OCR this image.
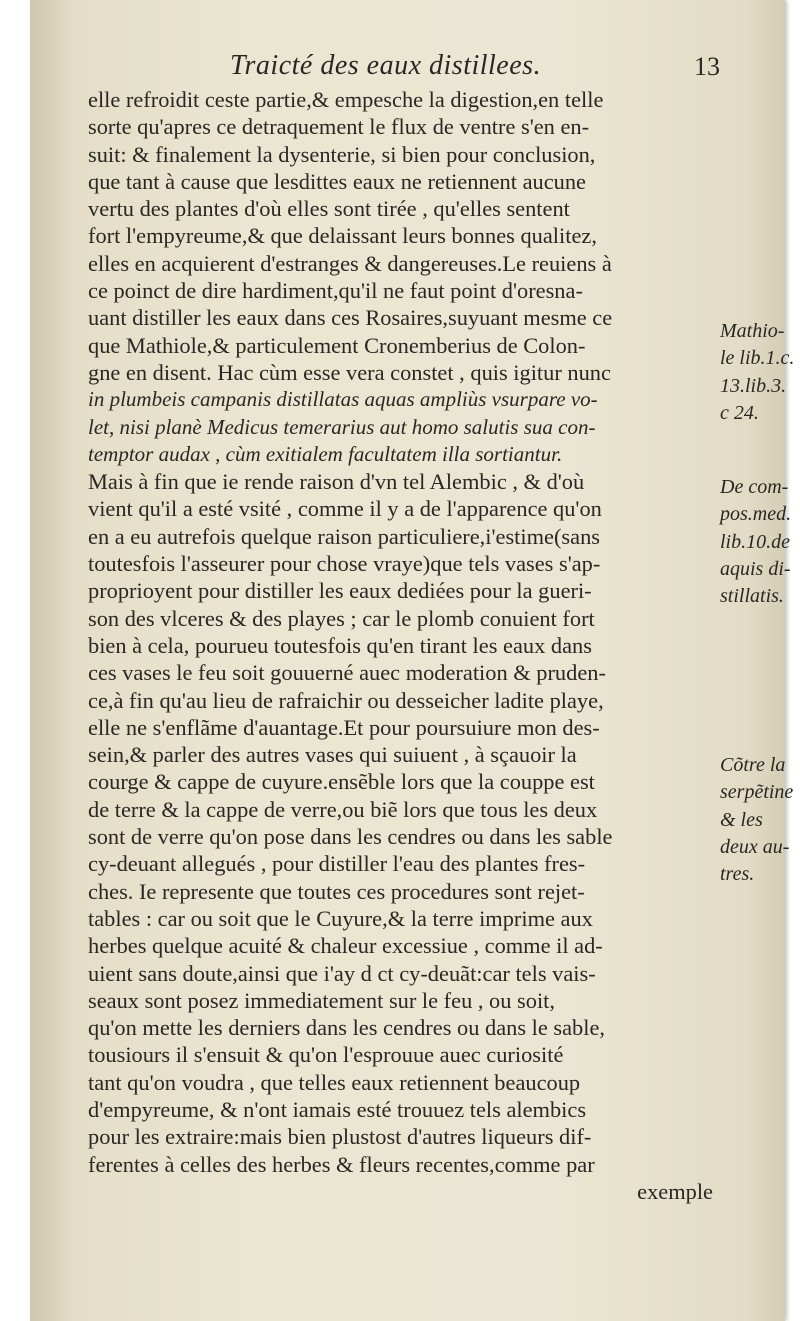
Traicté des eaux distillees.	13
elle refroidit ceste partie,& empesche la digestion,en telle
sorte qu'apres ce detraquement le flux de ventre s'en en-
suit: & finalement la dysenterie, si bien pour conclusion,
que tant à cause que lesdittes eaux ne retiennent aucune
vertu des plantes d'où elles sont tirée , qu'elles sentent
fort l'empyreume,& que delaissant leurs bonnes qualitez,
elles en acquierent d'estranges & dangereuses.Le reuiens à
ce poinct de dire hardiment,qu'il ne faut point d'oresna-
uant distiller les eaux dans ces Rosaires,suyuant mesme ce
que Mathiole,& particulement Cronemberius de Colon-
gne en disent. Hac cùm esse vera constet , quis igitur nunc
in plumbeis campanis distillatas aquas ampliùs vsurpare vo-
let, nisi planè Medicus temerarius aut homo salutis sua con-
temptor audax , cùm exitialem facultatem illa sortiantur.
Mais à fin que ie rende raison d'vn tel Alembic , & d'où
vient qu'il a esté vsité , comme il y a de l'apparence qu'on
en a eu autrefois quelque raison particuliere,i'estime(sans
toutesfois l'asseurer pour chose vraye)que tels vases s'ap-
proprioyent pour distiller les eaux dediées pour la gueri-
son des vlceres & des playes ; car le plomb conuient fort
bien à cela, pourueu toutesfois qu'en tirant les eaux dans
ces vases le feu soit gouuerné auec moderation & pruden-
ce,à fin qu'au lieu de rafraichir ou desseicher ladite playe,
elle ne s'enflãme d'auantage.Et pour poursuiure mon des-
sein,& parler des autres vases qui suiuent , à sçauoir la
courge & cappe de cuyure.ensẽble lors que la couppe est
de terre & la cappe de verre,ou biẽ lors que tous les deux
sont de verre qu'on pose dans les cendres ou dans les sable
cy-deuant allegués , pour distiller l'eau des plantes fres-
ches. Ie represente que toutes ces procedures sont rejet-
tables : car ou soit que le Cuyure,& la terre imprime aux
herbes quelque acuité & chaleur excessiue , comme il ad-
uient sans doute,ainsi que i'ay d ct cy-deuãt:car tels vais-
seaux sont posez immediatement sur le feu , ou soit,
qu'on mette les derniers dans les cendres ou dans le sable,
tousiours il s'ensuit & qu'on l'esprouue auec curiosité
tant qu'on voudra , que telles eaux retiennent beaucoup
d'empyreume, & n'ont iamais esté trouuez tels alembics
pour les extraire:mais bien plustost d'autres liqueurs dif-
ferentes à celles des herbes & fleurs recentes,comme par
exemple
Mathio-
le lib.1.c.
13.lib.3.
c 24.
De com-
pos.med.
lib.10.de
aquis di-
stillatis.
Cõtre la
serpẽtine
& les
deux au-
tres.
